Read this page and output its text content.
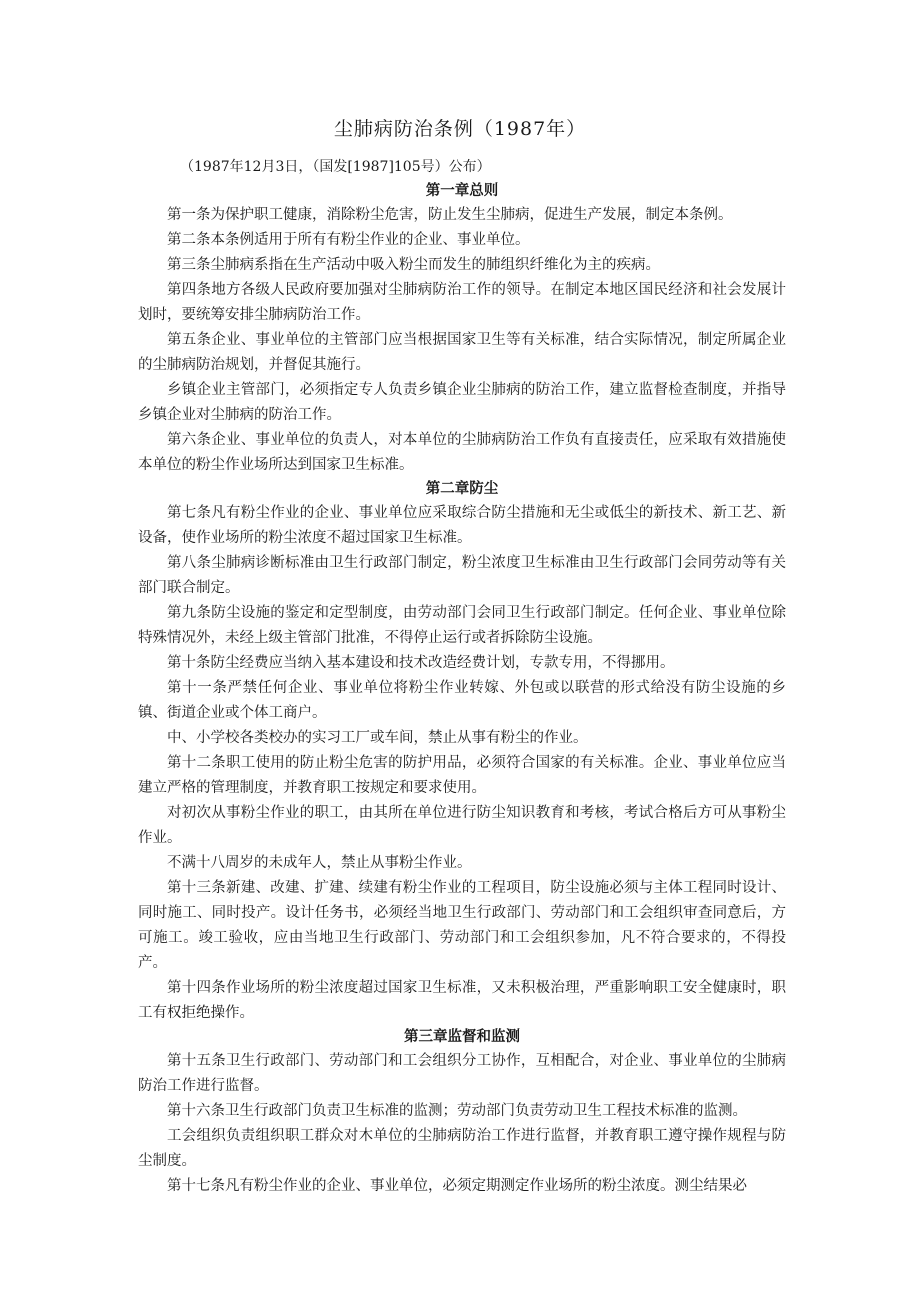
尘肺病防治条例（1987年）
（1987年12月3日，（国发[1987]105号）公布）
第一章总则

第一条为保护职工健康，消除粉尘危害，防止发生尘肺病，促进生产发展，制定本条例。

第二条本条例适用于所有有粉尘作业的企业、事业单位。

第三条尘肺病系指在生产活动中吸入粉尘而发生的肺组织纤维化为主的疾病。

第四条地方各级人民政府要加强对尘肺病防治工作的领导。在制定本地区国民经济和社会发展计划时，要统筹安排尘肺病防治工作。

第五条企业、事业单位的主管部门应当根据国家卫生等有关标准，结合实际情况，制定所属企业的尘肺病防治规划，并督促其施行。

乡镇企业主管部门，必须指定专人负责乡镇企业尘肺病的防治工作，建立监督检查制度，并指导乡镇企业对尘肺病的防治工作。

第六条企业、事业单位的负责人，对本单位的尘肺病防治工作负有直接责任，应采取有效措施使本单位的粉尘作业场所达到国家卫生标准。

第二章防尘

第七条凡有粉尘作业的企业、事业单位应采取综合防尘措施和无尘或低尘的新技术、新工艺、新设备，使作业场所的粉尘浓度不超过国家卫生标准。

第八条尘肺病诊断标准由卫生行政部门制定，粉尘浓度卫生标准由卫生行政部门会同劳动等有关部门联合制定。

第九条防尘设施的鉴定和定型制度，由劳动部门会同卫生行政部门制定。任何企业、事业单位除特殊情况外，未经上级主管部门批准，不得停止运行或者拆除防尘设施。

第十条防尘经费应当纳入基本建设和技术改造经费计划，专款专用，不得挪用。

第十一条严禁任何企业、事业单位将粉尘作业转嫁、外包或以联营的形式给没有防尘设施的乡镇、街道企业或个体工商户。

中、小学校各类校办的实习工厂或车间，禁止从事有粉尘的作业。

第十二条职工使用的防止粉尘危害的防护用品，必须符合国家的有关标准。企业、事业单位应当建立严格的管理制度，并教育职工按规定和要求使用。

对初次从事粉尘作业的职工，由其所在单位进行防尘知识教育和考核，考试合格后方可从事粉尘作业。

不满十八周岁的未成年人，禁止从事粉尘作业。

第十三条新建、改建、扩建、续建有粉尘作业的工程项目，防尘设施必须与主体工程同时设计、同时施工、同时投产。设计任务书，必须经当地卫生行政部门、劳动部门和工会组织审查同意后，方可施工。竣工验收，应由当地卫生行政部门、劳动部门和工会组织参加，凡不符合要求的，不得投产。

第十四条作业场所的粉尘浓度超过国家卫生标准，又未积极治理，严重影响职工安全健康时，职工有权拒绝操作。

第三章监督和监测

第十五条卫生行政部门、劳动部门和工会组织分工协作，互相配合，对企业、事业单位的尘肺病防治工作进行监督。

第十六条卫生行政部门负责卫生标准的监测；劳动部门负责劳动卫生工程技术标准的监测。

工会组织负责组织职工群众对木单位的尘肺病防治工作进行监督，并教育职工遵守操作规程与防尘制度。

第十七条凡有粉尘作业的企业、事业单位，必须定期测定作业场所的粉尘浓度。测尘结果必
